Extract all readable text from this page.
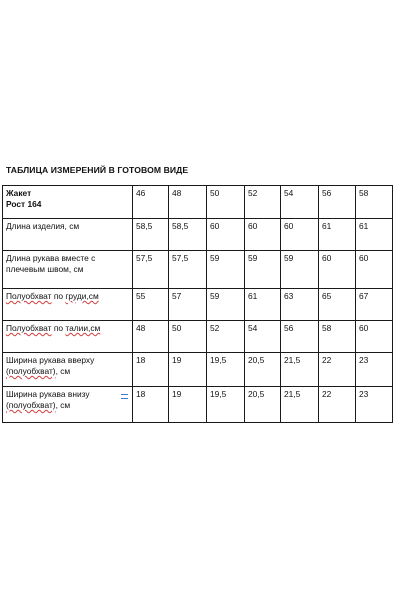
ТАБЛИЦА ИЗМЕРЕНИЙ В ГОТОВОМ ВИДЕ
Жакет
Рост 164	46	48	50	52	54	56	58
Длина изделия, см	58,5	58,5	60	60	60	61	61
Длина рукава вместе с плечевым швом, см	57,5	57,5	59	59	59	60	60
Полуобхват по груди,см	55	57	59	61	63	65	67
Полуобхват по талии,см	48	50	52	54	56	58	60
Ширина рукава вверху (полуобхват), см	18	19	19,5	20,5	21,5	22	23
Ширина рукава внизу (полуобхват), см	18	19	19,5	20,5	21,5	22	23
